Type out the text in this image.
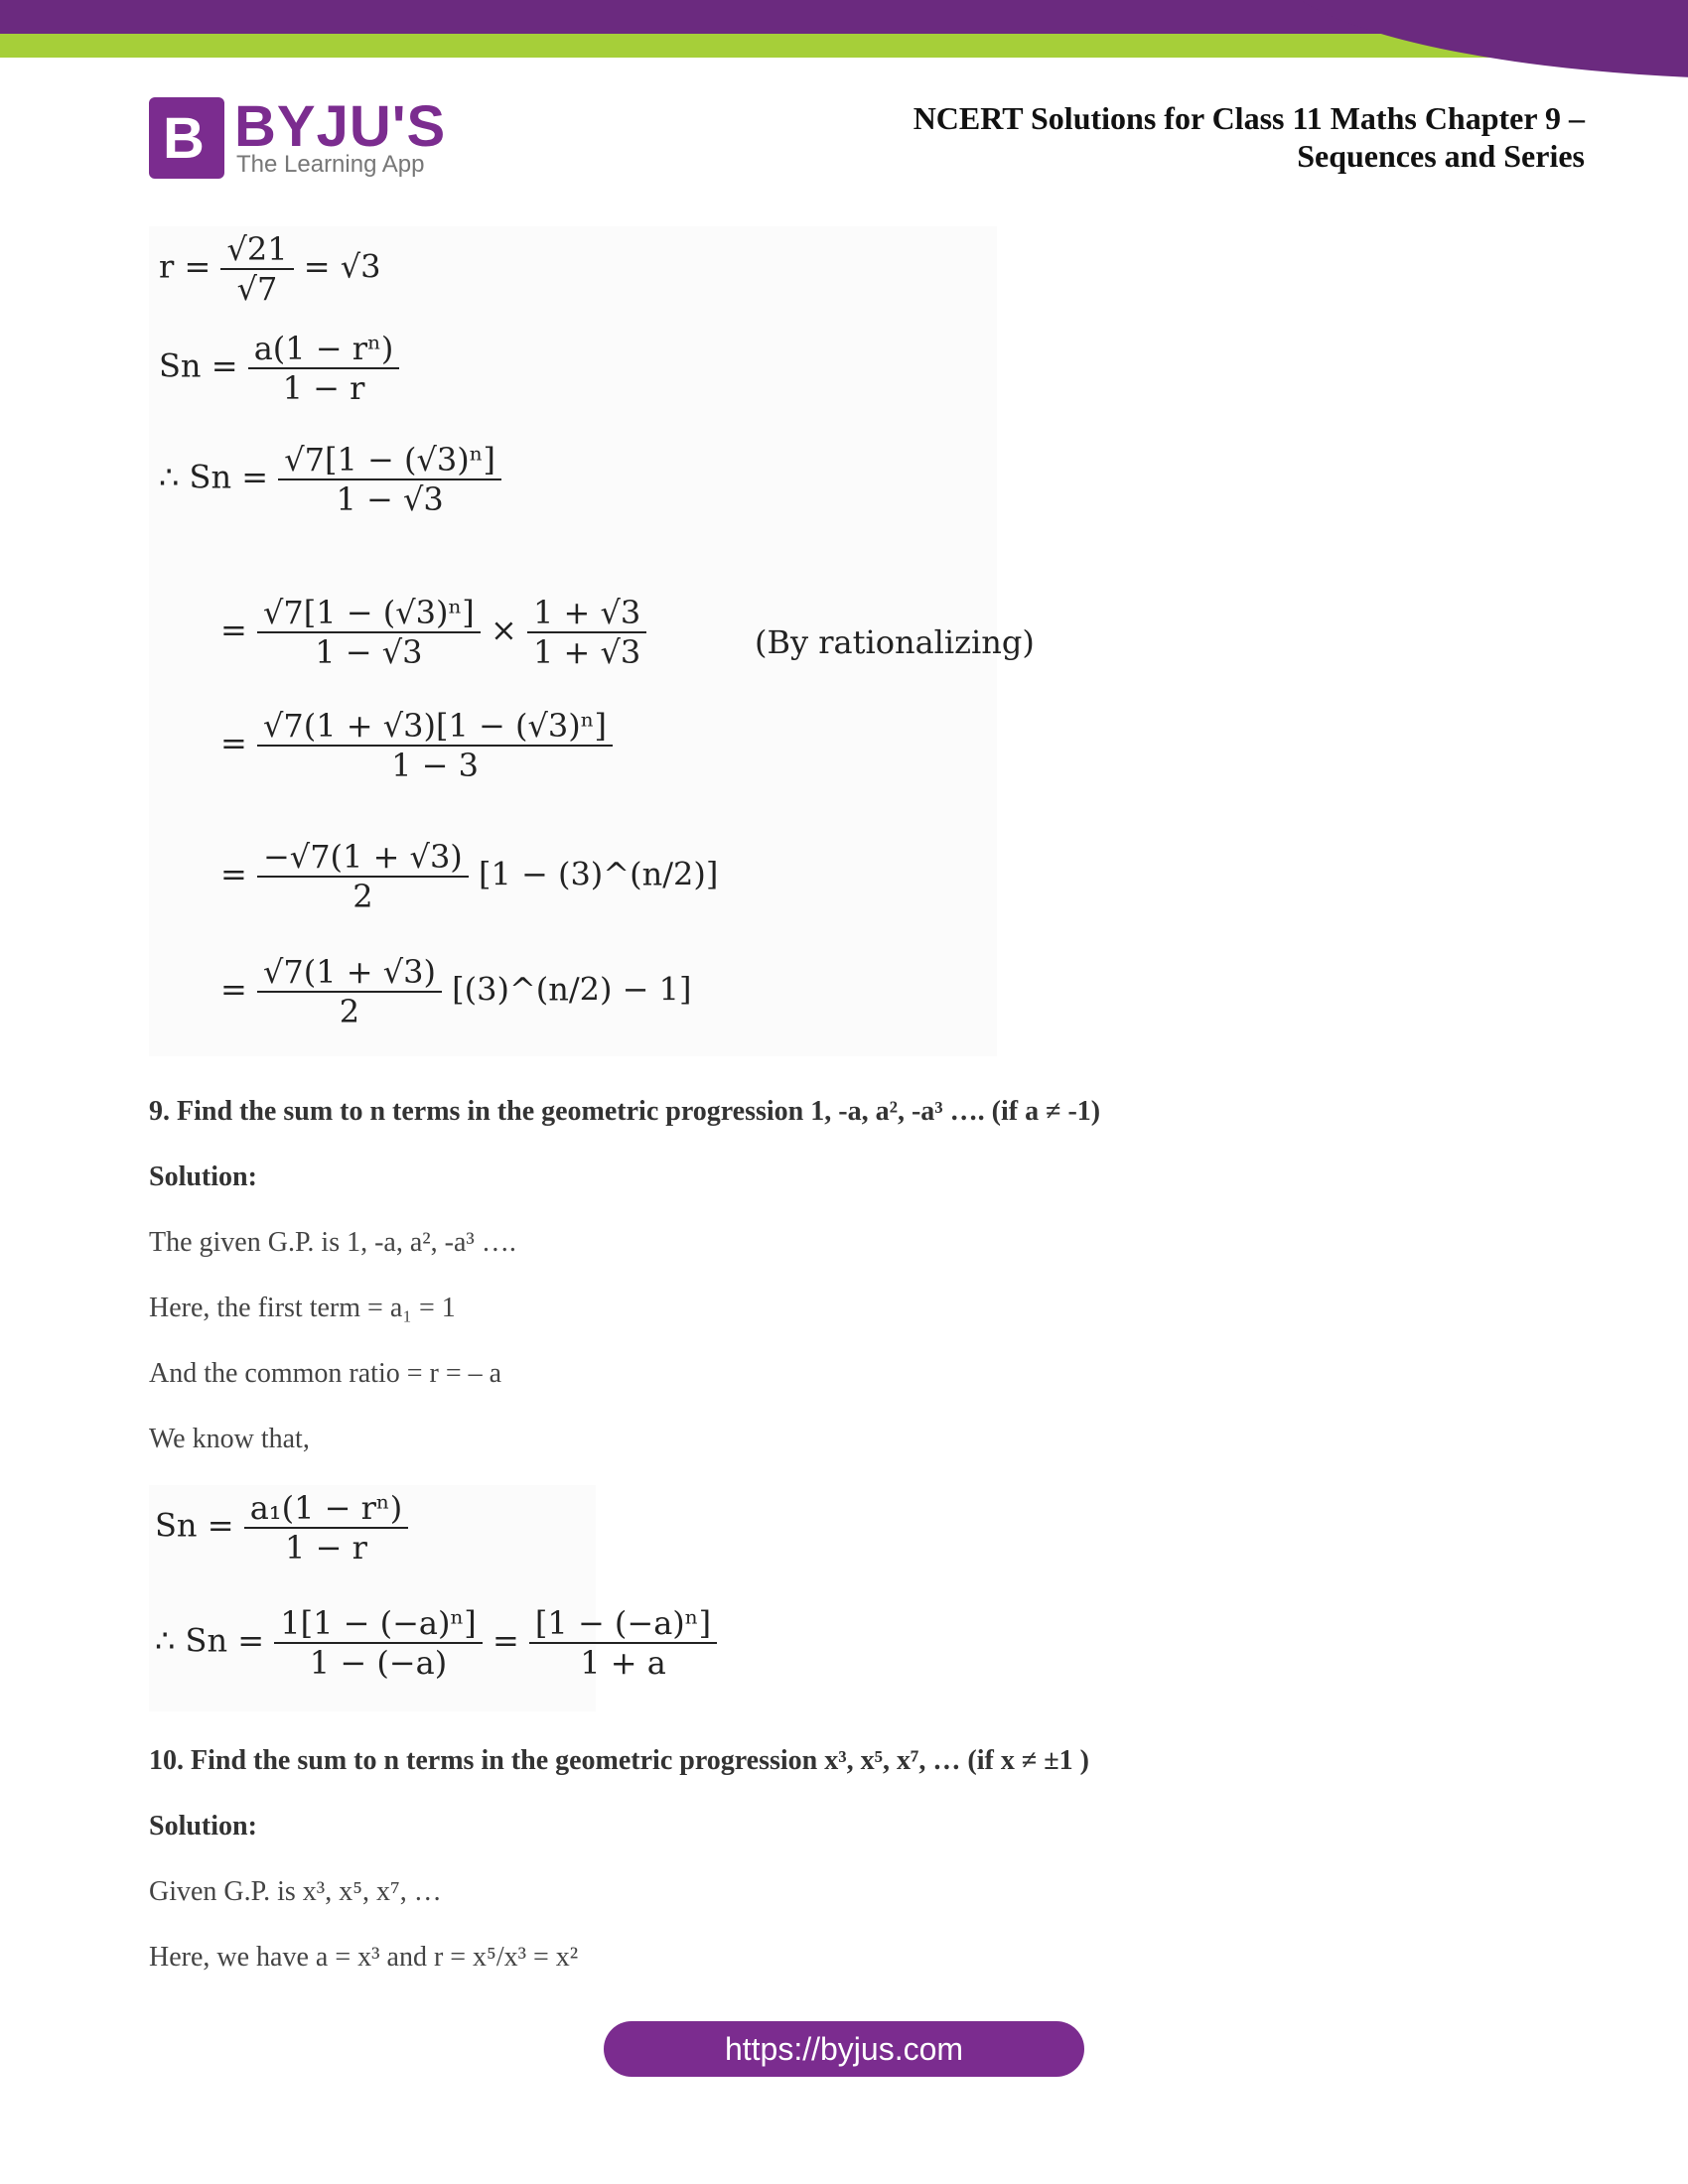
B BYJU'S
The Learning App
NCERT Solutions for Class 11 Maths Chapter 9 –
Sequences and Series
$r = \frac{√21}{√7} = √3$
$Sn = \frac{\text{a(1 − rⁿ)}}{1 - r}$
∴ $Sn = \frac{\text{√7[1 − (√3)ⁿ]}}{1 - √3}$
= $\frac{\text{√7[1 − (√3)ⁿ]}}{1 - √3} \times \frac{1 + √3}{1 + √3}$	(By rationalizing)
= $\frac{\text{√7(1 + √3)[1 − (√3)ⁿ]}}{1 - 3}$
= $\frac{-√7(1 + √3)}{2} [1$ − (3)^(n/2)]
= $\frac{√7(1 + √3)}{2}$ [(3)^(n/2) − 1]
9. Find the sum to n terms in the geometric progression 1, -a, a², -a³ …. (if a ≠ -1)
Solution:
The given G.P. is 1, -a, a², -a³ ….
Here, the first term = a₁ = 1
And the common ratio = r = – a
We know that,
$Sn = \frac{\text{a₁(1 − rⁿ)}}{1 - r}$
∴ $Sn = \frac{\text{1[1 − (−a)ⁿ]}}{1 - (-a)} = \frac{\text{[1 − (−a)ⁿ]}}{1 + a}$
10. Find the sum to n terms in the geometric progression x³, x⁵, x⁷, … (if x ≠ ±1 )
Solution:
Given G.P. is x³, x⁵, x⁷, …
Here, we have a = x³ and r = x⁵/x³ = x²
https://byjus.com
